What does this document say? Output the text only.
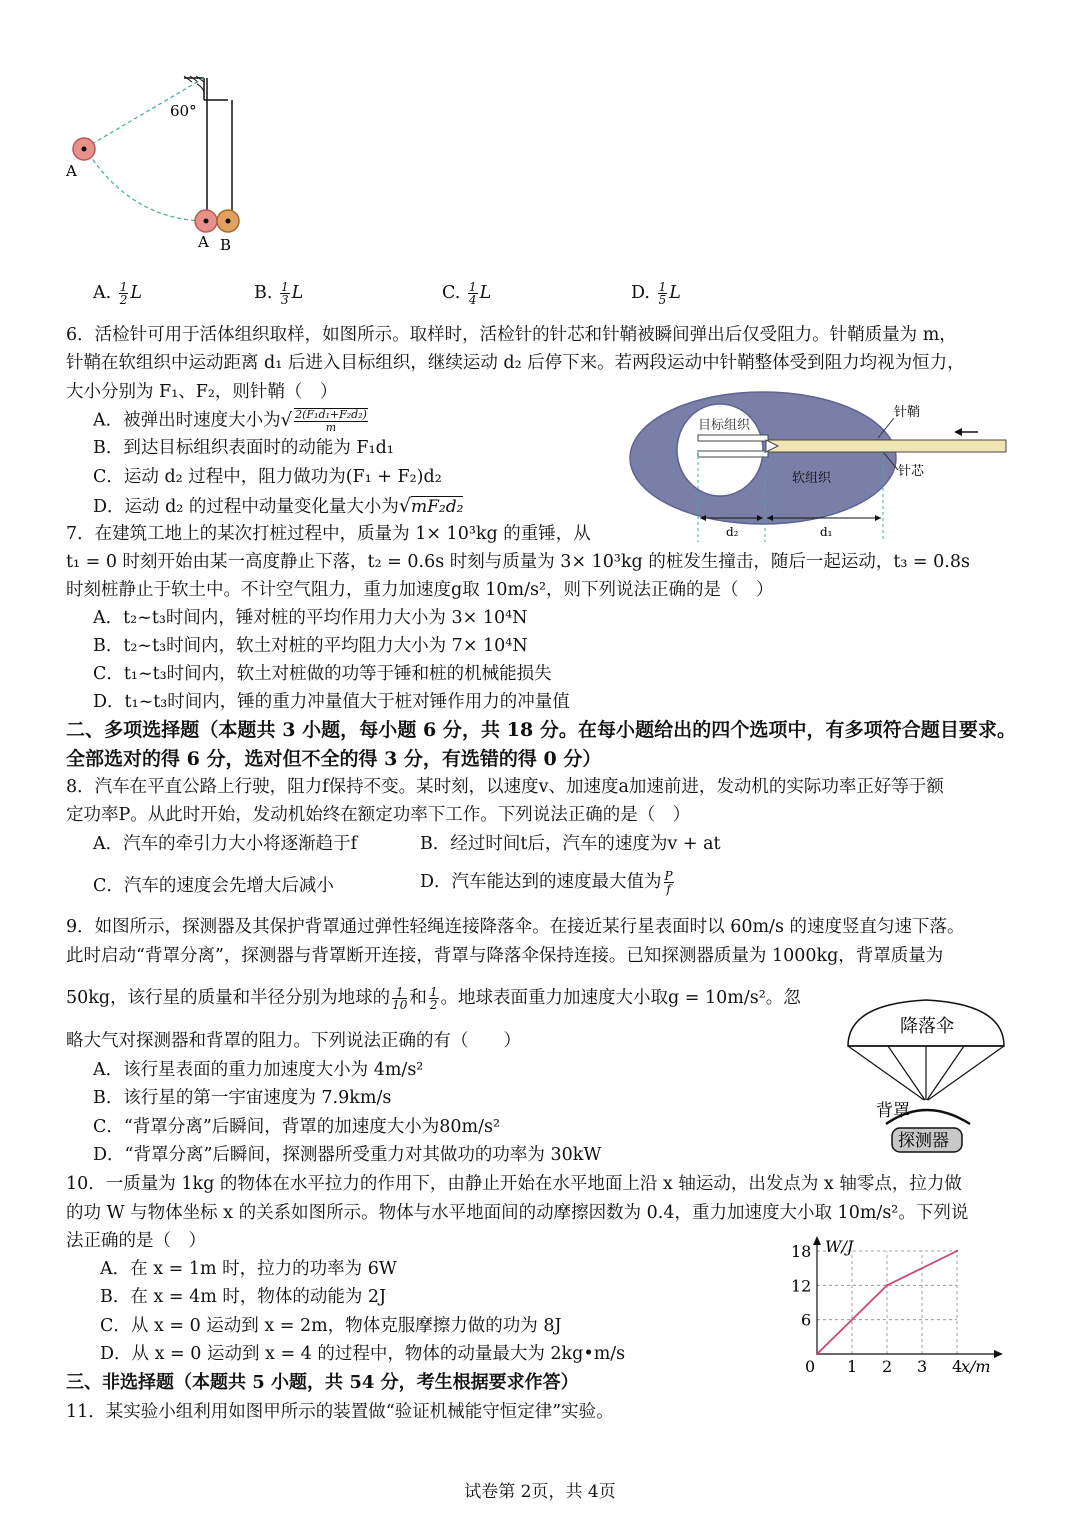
60°
A
A B
A. $\frac{1}{2}$ L	B. $\frac{1}{3}$ L	C. $\frac{1}{4}$ L	D. $\frac{1}{5}$ L
6．活检针可用于活体组织取样，如图所示。取样时，活检针的针芯和针鞘被瞬间弹出后仅受阻力。针鞘质量为 m，
针鞘在软组织中运动距离 d₁ 后进入目标组织，继续运动 d₂ 后停下来。若两段运动中针鞘整体受到阻力均视为恒力，
大小分别为 F₁、F₂，则针鞘（　）
A．被弹出时速度大小为√ $\frac{\text{2(F₁d₁+F₂d₂)}}{m}$
B．到达目标组织表面时的动能为 F₁d₁
C．运动 d₂ 过程中，阻力做功为(F₁ + F₂)d₂
D．运动 d₂ 的过程中动量变化量大小为√mF₂d₂
目标组织
软组织
针鞘
针芯
d₂	d₁
7．在建筑工地上的某次打桩过程中，质量为 1× 10³kg 的重锤，从
t₁ = 0 时刻开始由某一高度静止下落，t₂ = 0.6s 时刻与质量为 3× 10³kg 的桩发生撞击，随后一起运动，t₃ = 0.8s
时刻桩静止于软土中。不计空气阻力，重力加速度g取 10m/s²，则下列说法正确的是（　）
A．t₂~t₃时间内，锤对桩的平均作用力大小为 3× 10⁴N
B．t₂~t₃时间内，软土对桩的平均阻力大小为 7× 10⁴N
C．t₁~t₃时间内，软土对桩做的功等于锤和桩的机械能损失
D．t₁~t₃时间内，锤的重力冲量值大于桩对锤作用力的冲量值
二、多项选择题（本题共 3 小题，每小题 6 分，共 18 分。在每小题给出的四个选项中，有多项符合题目要求。全部选对的得 6 分，选对但不全的得 3 分，有选错的得 0 分）
8．汽车在平直公路上行驶，阻力f保持不变。某时刻，以速度v、加速度a加速前进，发动机的实际功率正好等于额
定功率P。从此时开始，发动机始终在额定功率下工作。下列说法正确的是（　）
A．汽车的牵引力大小将逐渐趋于f	B．经过时间t后，汽车的速度为v + at
C．汽车的速度会先增大后减小	D．汽车能达到的速度最大值为 $\frac{P}{f}$
9．如图所示，探测器及其保护背罩通过弹性轻绳连接降落伞。在接近某行星表面时以 60m/s 的速度竖直匀速下落。
此时启动“背罩分离”，探测器与背罩断开连接，背罩与降落伞保持连接。已知探测器质量为 1000kg，背罩质量为
50kg，该行星的质量和半径分别为地球的 $\frac{1}{10}$ 和 $\frac{1}{2}$ 。地球表面重力加速度大小取g = 10m/s²。忽
略大气对探测器和背罩的阻力。下列说法正确的有（　　）
A．该行星表面的重力加速度大小为 4m/s²
B．该行星的第一宇宙速度为 7.9km/s
C．“背罩分离”后瞬间，背罩的加速度大小为80m/s²
D．“背罩分离”后瞬间，探测器所受重力对其做功的功率为 30kW
降落伞
背罩
探测器
10．一质量为 1kg 的物体在水平拉力的作用下，由静止开始在水平地面上沿 x 轴运动，出发点为 x 轴零点，拉力做
的功 W 与物体坐标 x 的关系如图所示。物体与水平地面间的动摩擦因数为 0.4，重力加速度大小取 10m/s²。下列说
法正确的是（　）
A．在 x = 1m 时，拉力的功率为 6W
B．在 x = 4m 时，物体的动能为 2J
C．从 x = 0 运动到 x = 2m，物体克服摩擦力做的功为 8J
D．从 x = 0 运动到 x = 4 的过程中，物体的动量最大为 2kg•m/s
W/J
x/m
0 1 2 3 4
6
12
18
三、非选择题（本题共 5 小题，共 54 分，考生根据要求作答）
11．某实验小组利用如图甲所示的装置做“验证机械能守恒定律”实验。
试卷第 2页，共 4页
